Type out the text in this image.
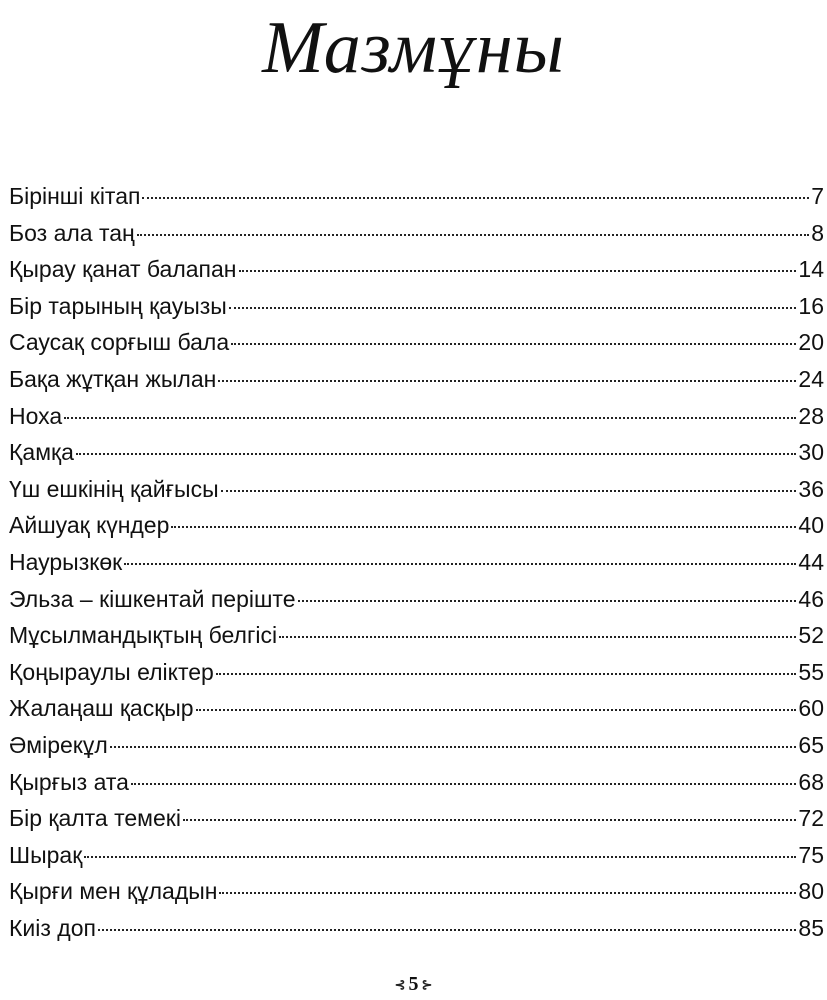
Мазмұны
Бірінші кітап	7
Боз ала таң	8
Қырау қанат балапан	14
Бір тарының қауызы	16
Саусақ сорғыш бала	20
Бақа жұтқан жылан	24
Ноха	28
Қамқа	30
Үш ешкінің қайғысы	36
Айшуақ күндер	40
Наурызкөк	44
Эльза – кішкентай періште	46
Мұсылмандықтың белгісі	52
Қоңыраулы еліктер	55
Жалаңаш қасқыр	60
Әмірекұл	65
Қырғыз ата	68
Бір қалта темекі	72
Шырақ	75
Қырғи мен құладын	80
Киіз доп	85
⊰ 5 ⊱
